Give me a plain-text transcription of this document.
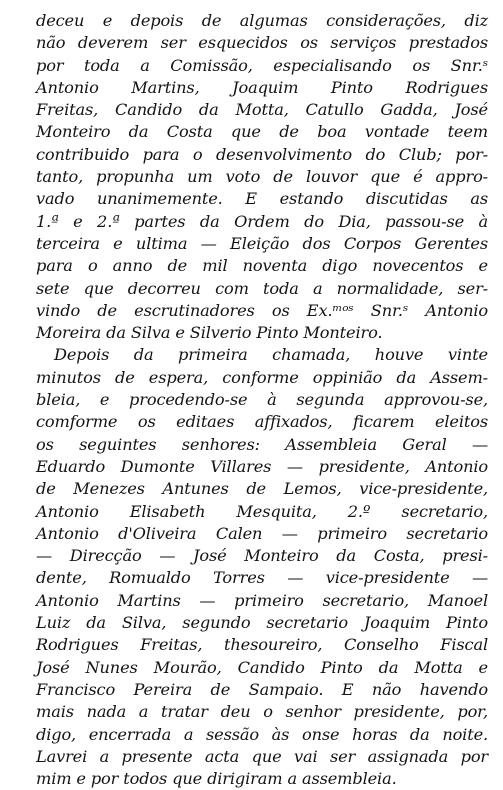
deceu e depois de algumas considerações, diz
não deverem ser esquecidos os serviços prestados
por toda a Comissão, especialisando os Snr.ˢ
Antonio Martins, Joaquim Pinto Rodrigues
Freitas, Candido da Motta, Catullo Gadda, José
Monteiro da Costa que de boa vontade teem
contribuido para o desenvolvimento do Club; por-
tanto, propunha um voto de louvor que é appro-
vado unanimemente. E estando discutidas as
1.ª e 2.ª partes da Ordem do Dia, passou-se à
terceira e ultima — Eleição dos Corpos Gerentes
para o anno de mil noventa digo novecentos e
sete que decorreu com toda a normalidade, ser-
vindo de escrutinadores os Ex.ᵐᵒˢ Snr.ˢ Antonio
Moreira da Silva e Silverio Pinto Monteiro.
Depois da primeira chamada, houve vinte
minutos de espera, conforme oppinião da Assem-
bleia, e procedendo-se à segunda approvou-se,
comforme os editaes affixados, ficarem eleitos
os seguintes senhores: Assembleia Geral —
Eduardo Dumonte Villares — presidente, Antonio
de Menezes Antunes de Lemos, vice-presidente,
Antonio Elisabeth Mesquita, 2.º secretario,
Antonio d'Oliveira Calen — primeiro secretario
— Direcção — José Monteiro da Costa, presi-
dente, Romualdo Torres — vice-presidente —
Antonio Martins — primeiro secretario, Manoel
Luiz da Silva, segundo secretario Joaquim Pinto
Rodrigues Freitas, thesoureiro, Conselho Fiscal
José Nunes Mourão, Candido Pinto da Motta e
Francisco Pereira de Sampaio. E não havendo
mais nada a tratar deu o senhor presidente, por,
digo, encerrada a sessão às onse horas da noite.
Lavrei a presente acta que vai ser assignada por
mim e por todos que dirigiram a assembleia.
